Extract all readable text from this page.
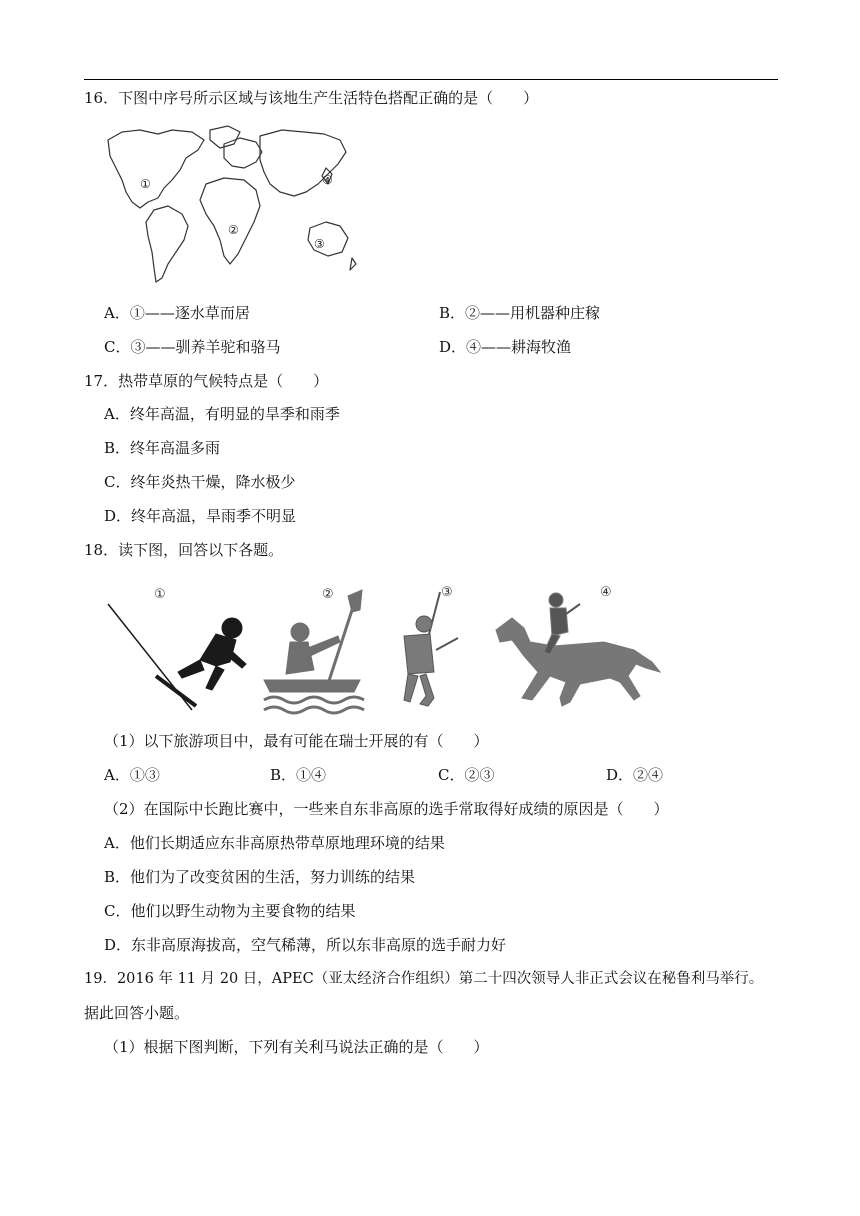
16．下图中序号所示区域与该地生产生活特色搭配正确的是（　　）
①
②
③
④
A．①——逐水草而居	B．②——用机器种庄稼
C．③——驯养羊驼和骆马	D．④——耕海牧渔
17．热带草原的气候特点是（　　）
A．终年高温，有明显的旱季和雨季
B．终年高温多雨
C．终年炎热干燥，降水极少
D．终年高温，旱雨季不明显
18．读下图，回答以下各题。
①	②	③	④
（1）以下旅游项目中，最有可能在瑞士开展的有（　　）
A．①③	B．①④	C．②③	D．②④
（2）在国际中长跑比赛中，一些来自东非高原的选手常取得好成绩的原因是（　　）
A．他们长期适应东非高原热带草原地理环境的结果
B．他们为了改变贫困的生活，努力训练的结果
C．他们以野生动物为主要食物的结果
D．东非高原海拔高，空气稀薄，所以东非高原的选手耐力好
19．2016 年 11 月 20 日，APEC（亚太经济合作组织）第二十四次领导人非正式会议在秘鲁利马举行。
据此回答小题。
（1）根据下图判断，下列有关利马说法正确的是（　　）
